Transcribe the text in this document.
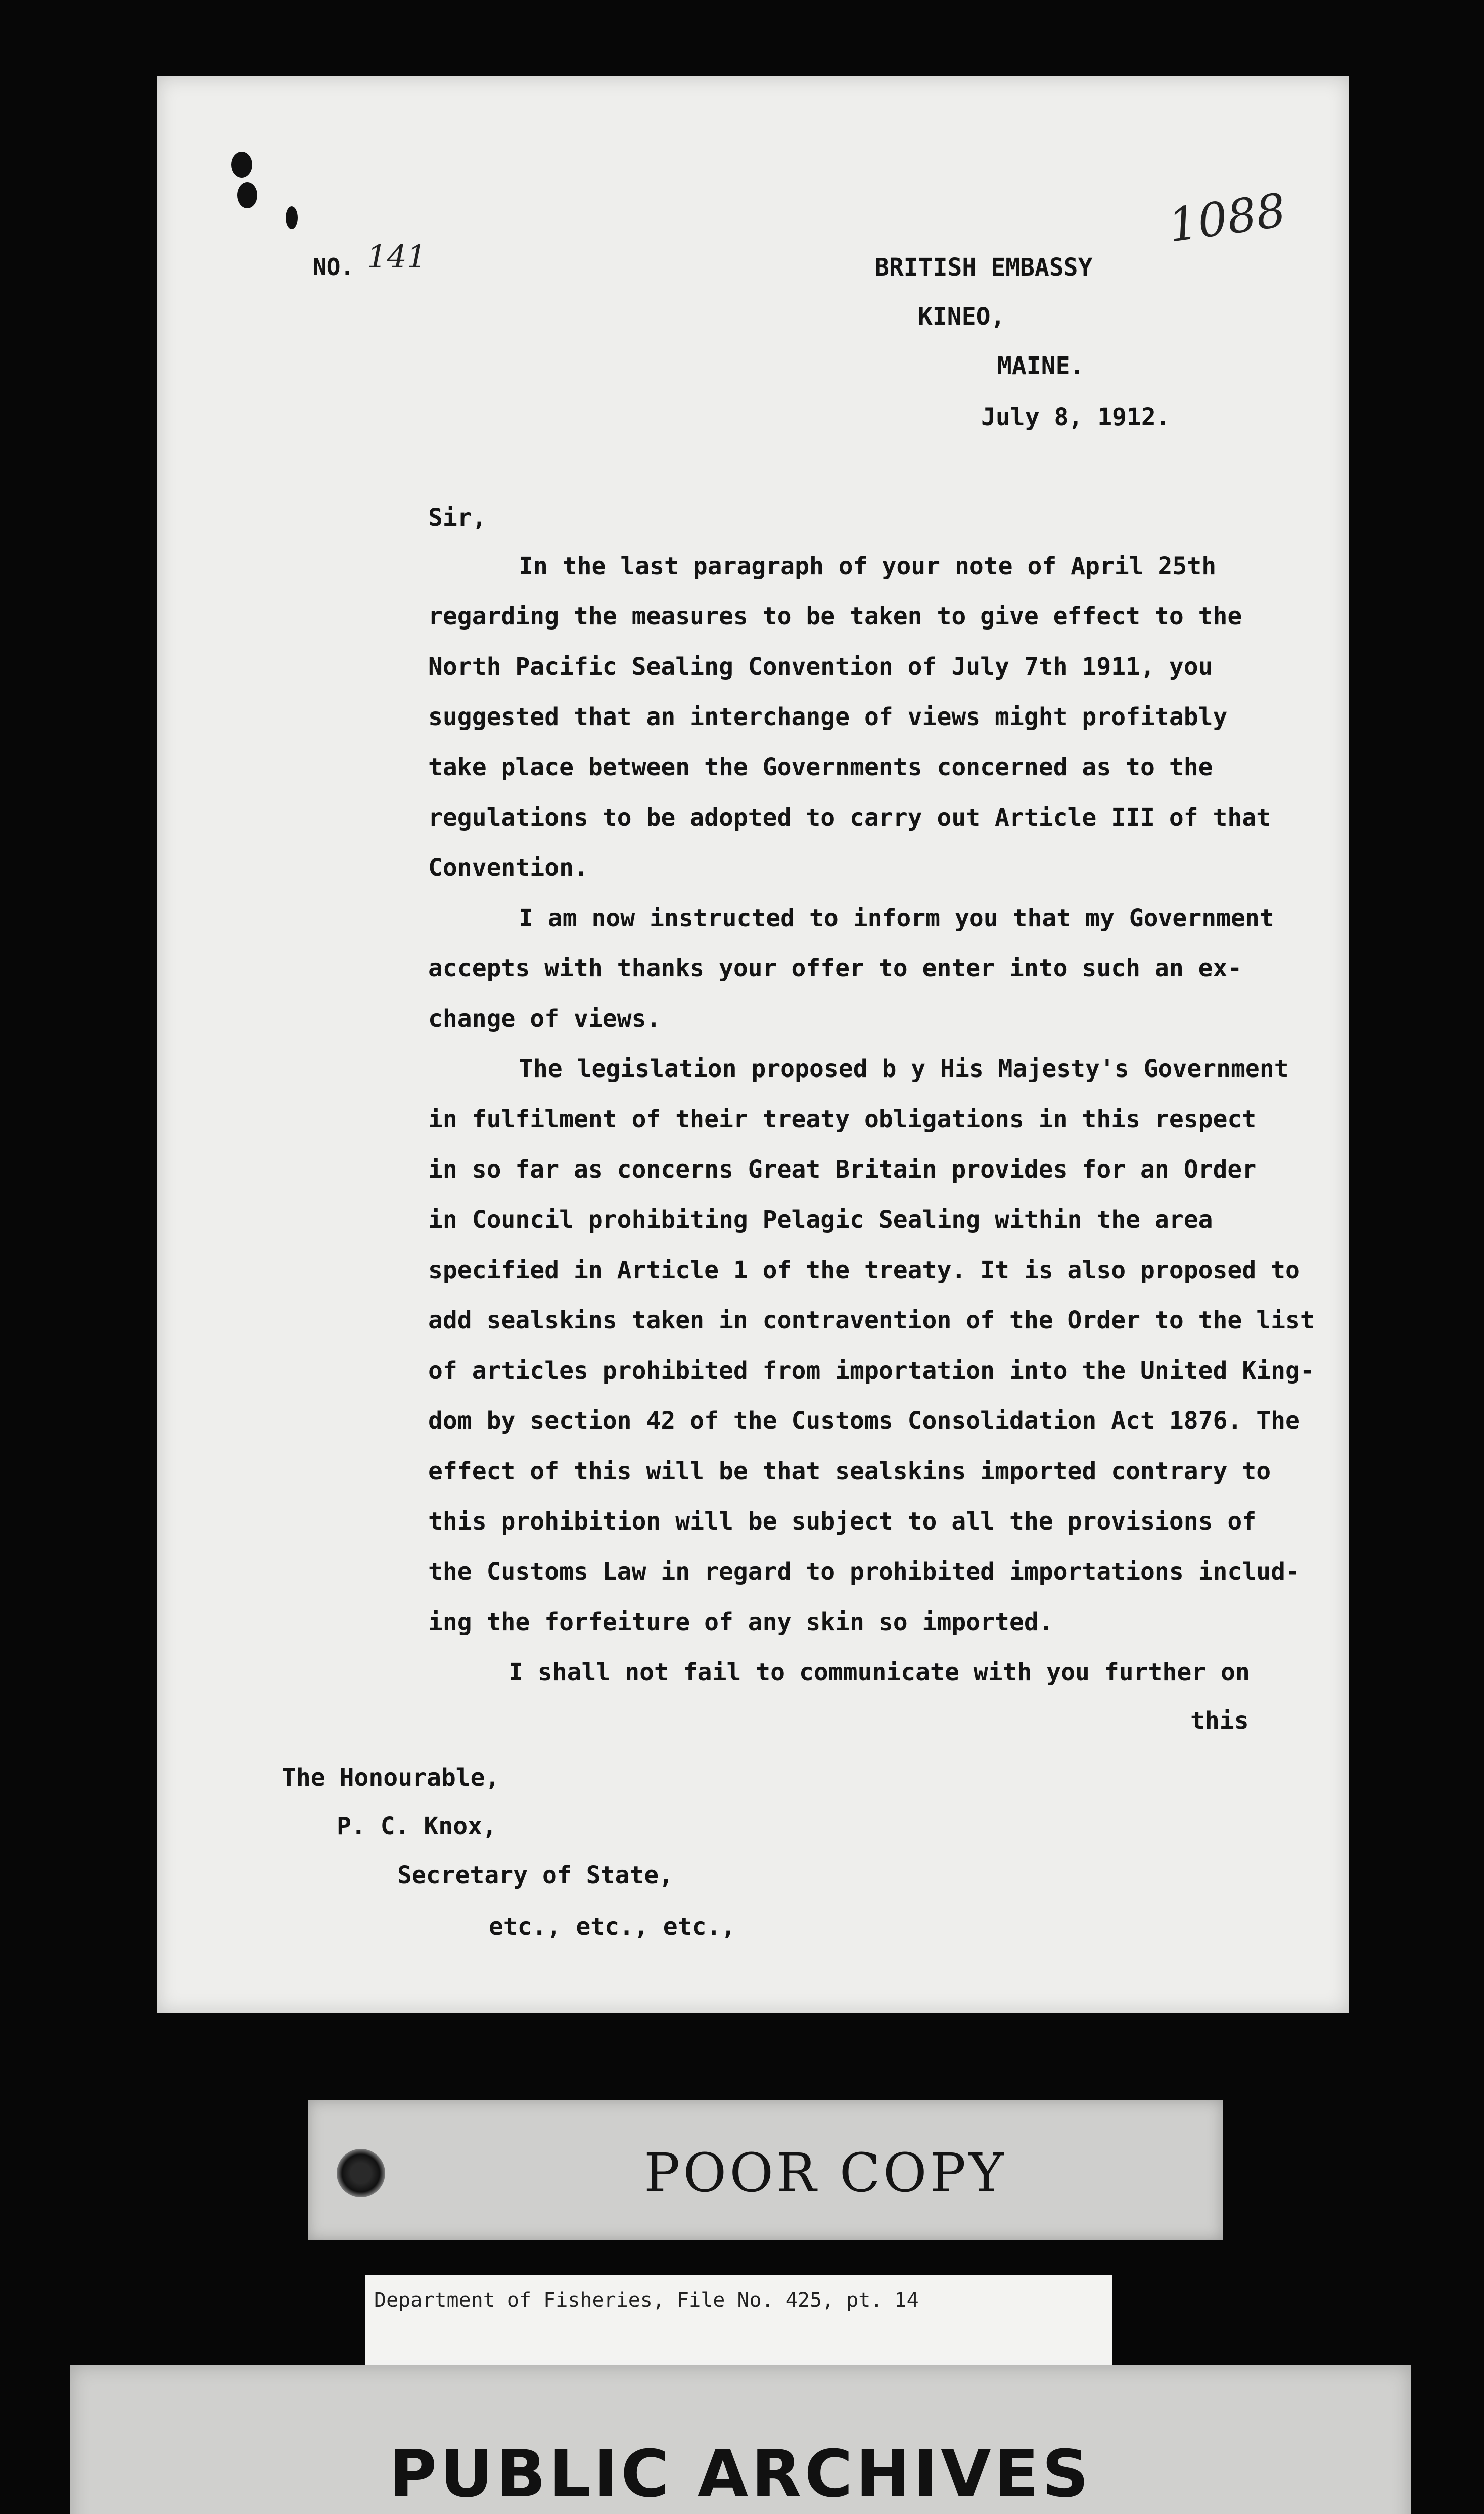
NO. 141
1088
BRITISH EMBASSY
KINEO,
MAINE.
July 8, 1912.
Sir,
In the last paragraph of your note of April 25th
regarding the measures to be taken to give effect to the
North Pacific Sealing Convention of July 7th 1911, you
suggested that an interchange of views might profitably
take place between the Governments concerned as to the
regulations to be adopted to carry out Article III of that
Convention.
I am now instructed to inform you that my Government
accepts with thanks your offer to enter into such an ex-
change of views.
The legislation proposed b y His Majesty's Government
in fulfilment of their treaty obligations in this respect
in so far as concerns Great Britain provides for an Order
in Council prohibiting Pelagic Sealing within the area
specified in Article 1 of the treaty. It is also proposed to
add sealskins taken in contravention of the Order to the list
of articles prohibited from importation into the United King-
dom by section 42 of the Customs Consolidation Act 1876. The
effect of this will be that sealskins imported contrary to
this prohibition will be subject to all the provisions of
the Customs Law in regard to prohibited importations includ-
ing the forfeiture of any skin so imported.
I shall not fail to communicate with you further on
this
The Honourable,
P. C. Knox,
Secretary of State,
etc., etc., etc.,
POOR COPY
Department of Fisheries, File No. 425, pt. 14
PUBLIC ARCHIVES
